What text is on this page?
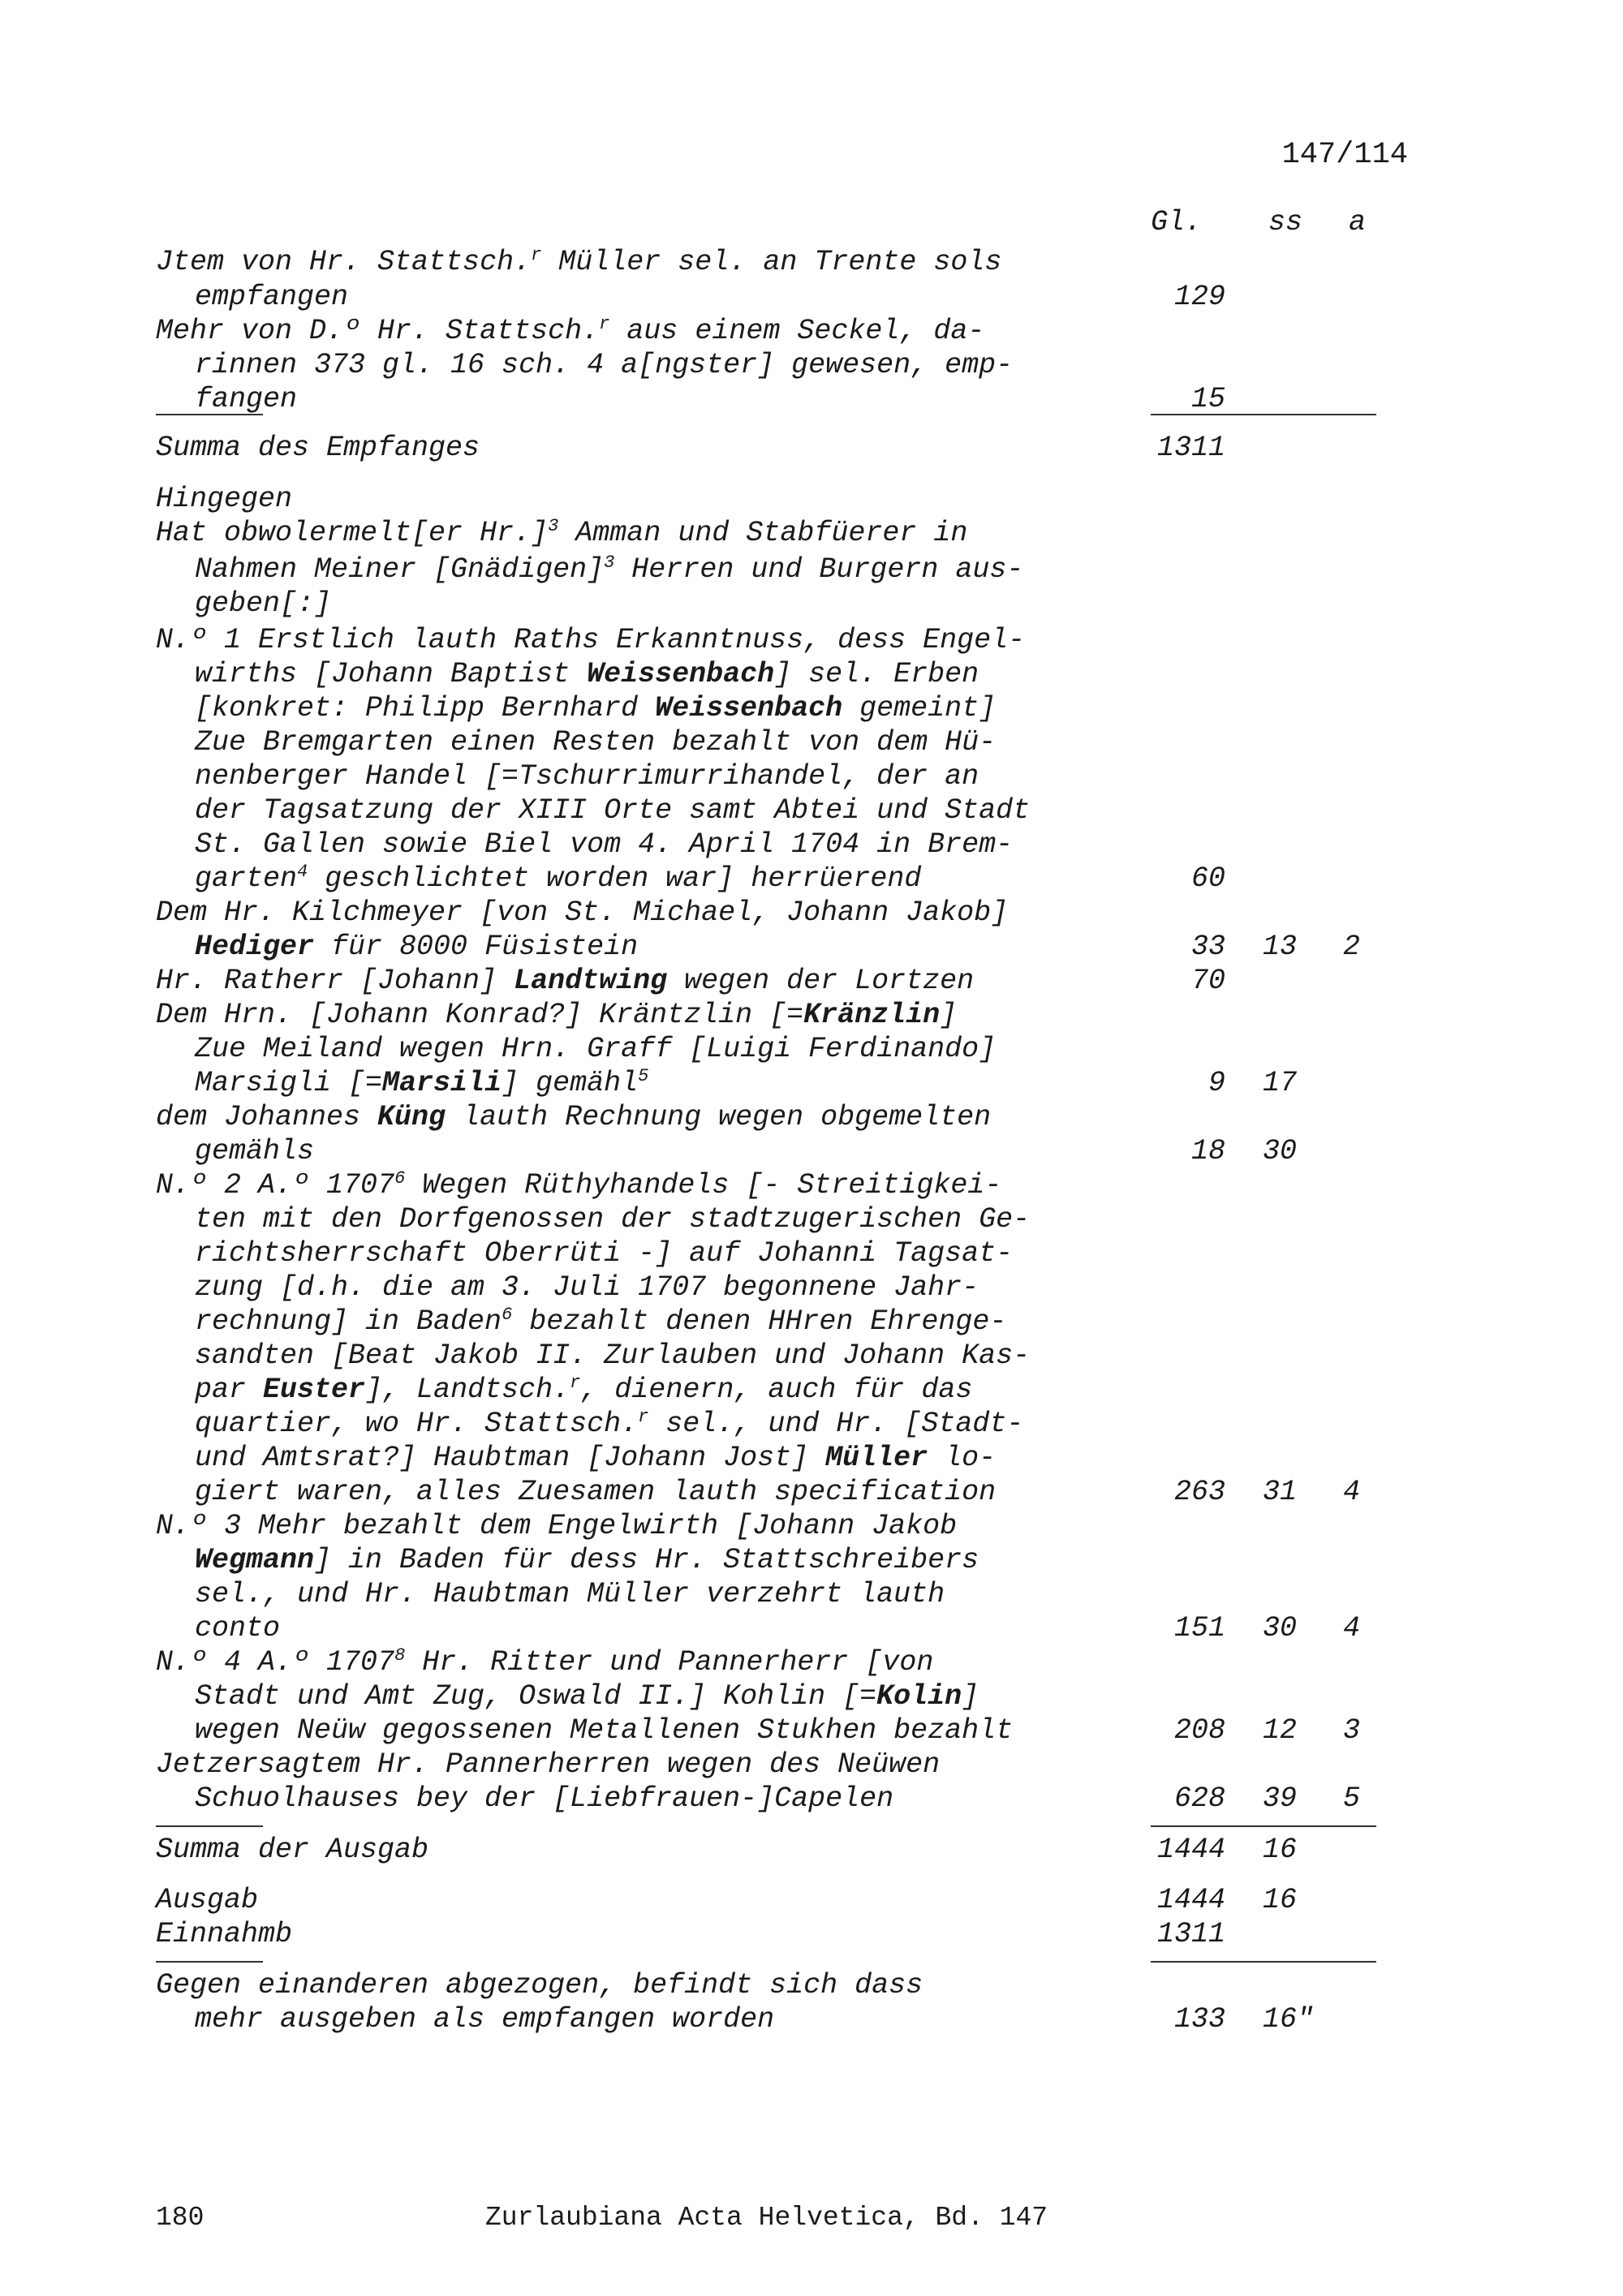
147/114
Gl. ss a
Jtem von Hr. Stattsch.$^r$ Müller sel. an Trente sols
empfangen	129
Mehr von D.º Hr. Stattsch.$^r$ aus einem Seckel, da-
rinnen 373 gl. 16 sch. 4 a[ngster] gewesen, emp-
fangen	15
Summa des Empfanges	1311
Hingegen
Hat obwolermelt[er Hr.]$^3$ Amman und Stabfüerer in
Nahmen Meiner [Gnädigen]$^3$ Herren und Burgern aus-
geben[:]
N.º 1 Erstlich lauth Raths Erkanntnuss, dess Engel-
wirths [Johann Baptist Weissenbach] sel. Erben
[konkret: Philipp Bernhard Weissenbach gemeint]
Zue Bremgarten einen Resten bezahlt von dem Hü-
nenberger Handel [=Tschurrimurrihandel, der an
der Tagsatzung der XIII Orte samt Abtei und Stadt
St. Gallen sowie Biel vom 4. April 1704 in Brem-
garten$^4$ geschlichtet worden war] herrüerend	60
Dem Hr. Kilchmeyer [von St. Michael, Johann Jakob]
Hediger für 8000 Füsistein	33 13	2
Hr. Ratherr [Johann] Landtwing wegen der Lortzen	70
Dem Hrn. [Johann Konrad?] Kräntzlin [=Kränzlin]
Zue Meiland wegen Hrn. Graff [Luigi Ferdinando]
Marsigli [=Marsili] gemähl$^5$	9 17
dem Johannes Küng lauth Rechnung wegen obgemelten
gemähls	18 30
N.º 2 A.º 1707$^6$ Wegen Rüthyhandels [- Streitigkei-
ten mit den Dorfgenossen der stadtzugerischen Ge-
richtsherrschaft Oberrüti -] auf Johanni Tagsat-
zung [d.h. die am 3. Juli 1707 begonnene Jahr-
rechnung] in Baden$^6$ bezahlt denen HHren Ehrenge-
sandten [Beat Jakob II. Zurlauben und Johann Kas-
par Euster], Landtsch.$^r$, dienern, auch für das
quartier, wo Hr. Stattsch.$^r$ sel., und Hr. [Stadt-
und Amtsrat?] Haubtman [Johann Jost] Müller lo-
giert waren, alles Zuesamen lauth specification	263 31	4
N.º 3 Mehr bezahlt dem Engelwirth [Johann Jakob
Wegmann] in Baden für dess Hr. Stattschreibers
sel., und Hr. Haubtman Müller verzehrt lauth
conto	151 30	4
N.º 4 A.º 1707$^8$ Hr. Ritter und Pannerherr [von
Stadt und Amt Zug, Oswald II.] Kohlin [=Kolin]
wegen Neüw gegossenen Metallenen Stukhen bezahlt	208 12	3
Jetzersagtem Hr. Pannerherren wegen des Neüwen
Schuolhauses bey der [Liebfrauen-]Capelen	628 39	5
Summa der Ausgab	1444 16
Ausgab	1444 16
Einnahmb	1311
Gegen einanderen abgezogen, befindt sich dass
mehr ausgeben als empfangen worden	133 16"
180	Zurlaubiana Acta Helvetica, Bd. 147
